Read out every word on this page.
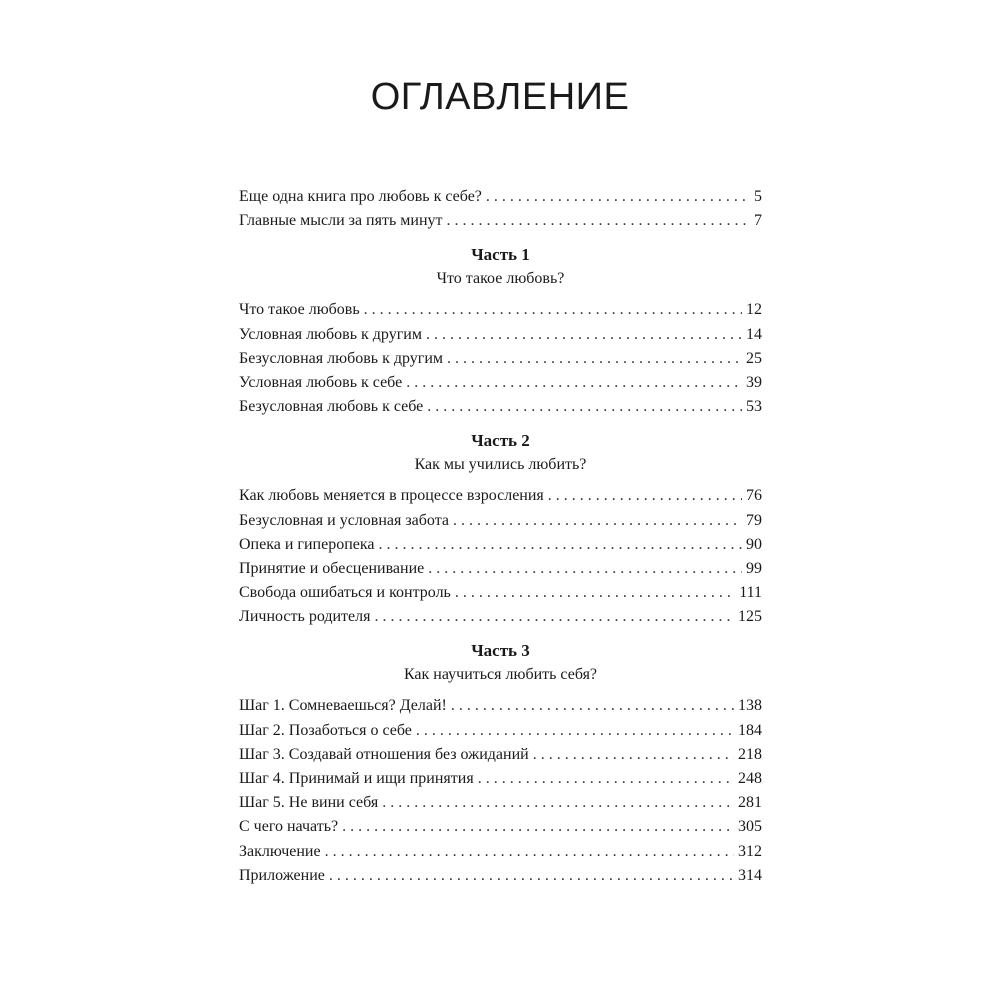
ОГЛАВЛЕНИЕ
Еще одна книга про любовь к себе? . . .	5
Главные мысли за пять минут . . .	7
Часть 1
Что такое любовь?
Что такое любовь . . .	12
Условная любовь к другим . . .	14
Безусловная любовь к другим . . .	25
Условная любовь к себе . . .	39
Безусловная любовь к себе . . .	53
Часть 2
Как мы учились любить?
Как любовь меняется в процессе взросления . . .	76
Безусловная и условная забота . . .	79
Опека и гиперопека . . .	90
Принятие и обесценивание . . .	99
Свобода ошибаться и контроль . . .	111
Личность родителя . . .	125
Часть 3
Как научиться любить себя?
Шаг 1. Сомневаешься? Делай! . . .	138
Шаг 2. Позаботься о себе . . .	184
Шаг 3. Создавай отношения без ожиданий . . .	218
Шаг 4. Принимай и ищи принятия . . .	248
Шаг 5. Не вини себя . . .	281
С чего начать? . . .	305
Заключение . . .	312
Приложение . . .	314
